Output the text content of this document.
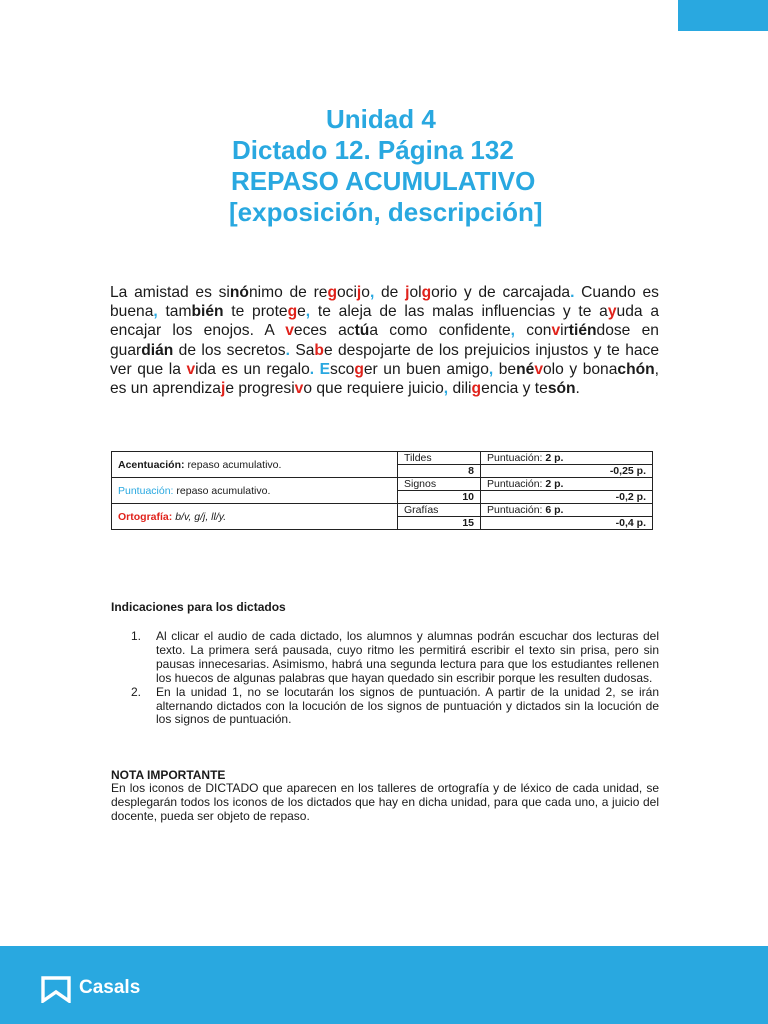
Unidad 4
Dictado 12. Página 132
REPASO ACUMULATIVO
[exposición, descripción]

La amistad es sinónimo de regocijo, de jolgorio y de carcajada. Cuando es buena, también te protege, te aleja de las malas influencias y te ayuda a encajar los enojos. A veces actúa como confidente, convirtiéndose en guardián de los secretos. Sabe despojarte de los prejuicios injustos y te hace ver que la vida es un regalo. Escoger un buen amigo, benévolo y bonachón, es un aprendizaje progresivo que requiere juicio, diligencia y tesón.

Acentuación: repaso acumulativo.	Tildes	Puntuación: 2 p.
	8	-0,25 p.
Puntuación: repaso acumulativo.	Signos	Puntuación: 2 p.
	10	-0,2 p.
Ortografía: b/v, g/j, ll/y.	Grafías	Puntuación: 6 p.
	15	-0,4 p.
Indicaciones para los dictados
1. Al clicar el audio de cada dictado, los alumnos y alumnas podrán escuchar dos lecturas del texto. La primera será pausada, cuyo ritmo les permitirá escribir el texto sin prisa, pero sin pausas innecesarias. Asimismo, habrá una segunda lectura para que los estudiantes rellenen los huecos de algunas palabras que hayan quedado sin escribir porque les resulten dudosas.
2. En la unidad 1, no se locutarán los signos de puntuación. A partir de la unidad 2, se irán alternando dictados con la locución de los signos de puntuación y dictados sin la locución de los signos de puntuación.
NOTA IMPORTANTE

En los iconos de DICTADO que aparecen en los talleres de ortografía y de léxico de cada unidad, se desplegarán todos los iconos de los dictados que hay en dicha unidad, para que cada uno, a juicio del docente, pueda ser objeto de repaso.

Casals
